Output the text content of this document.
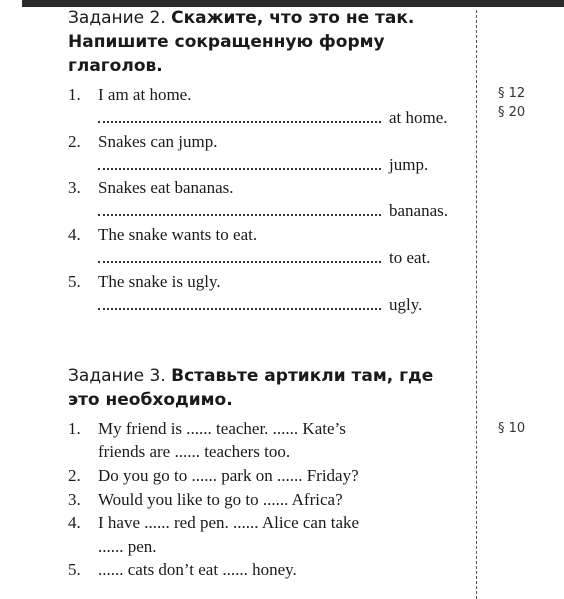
Задание 2. Скажите, что это не так. Напишите сокращенную форму глаголов.
§ 12
§ 20
1. I am at home.
at home.
2. Snakes can jump.
jump.
3. Snakes eat bananas.
bananas.
4. The snake wants to eat.
to eat.
5. The snake is ugly.
ugly.
Задание 3. Вставьте артикли там, где это необходимо.
§ 10
1. My friend is ...... teacher. ...... Kate’s
friends are ...... teachers too.
2. Do you go to ...... park on ...... Friday?
3. Would you like to go to ...... Africa?
4. I have ...... red pen. ...... Alice can take
...... pen.
5. ...... cats don’t eat ...... honey.
